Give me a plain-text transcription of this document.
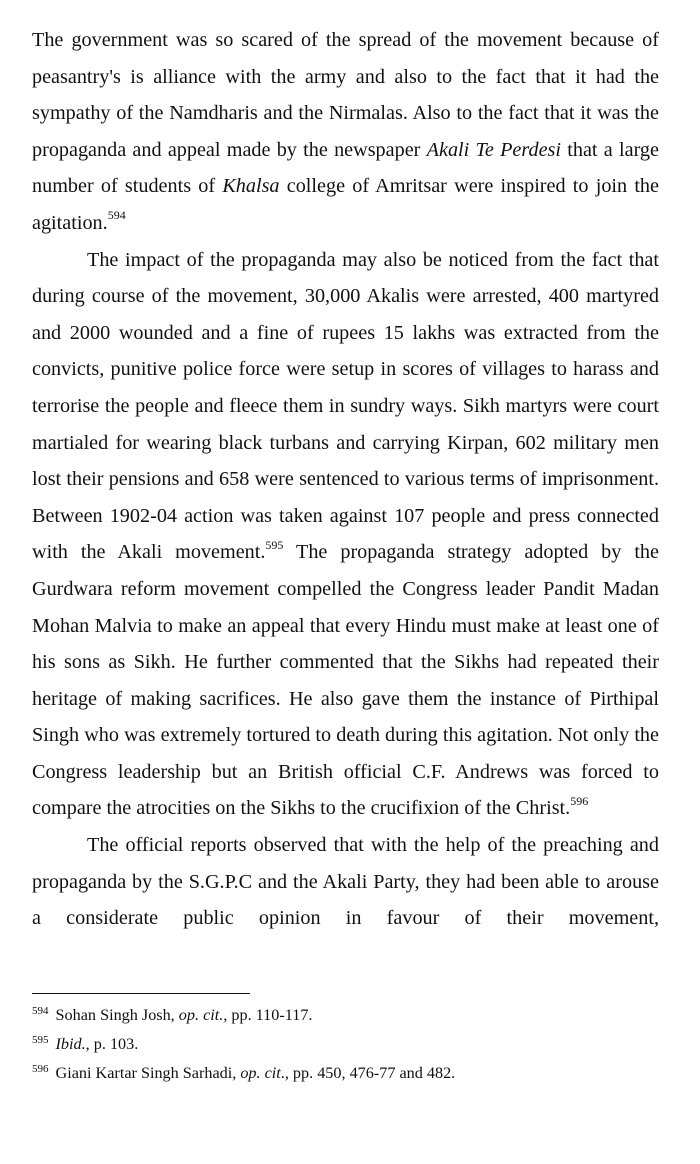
The government was so scared of the spread of the movement because of peasantry's is alliance with the army and also to the fact that it had the sympathy of the Namdharis and the Nirmalas. Also to the fact that it was the propaganda and appeal made by the newspaper Akali Te Perdesi that a large number of students of Khalsa college of Amritsar were inspired to join the agitation.$^{594}$

The impact of the propaganda may also be noticed from the fact that during course of the movement, 30,000 Akalis were arrested, 400 martyred and 2000 wounded and a fine of rupees 15 lakhs was extracted from the convicts, punitive police force were setup in scores of villages to harass and terrorise the people and fleece them in sundry ways. Sikh martyrs were court martialed for wearing black turbans and carrying Kirpan, 602 military men lost their pensions and 658 were sentenced to various terms of imprisonment. Between 1902-04 action was taken against 107 people and press connected with the Akali movement.$^{595}$ The propaganda strategy adopted by the Gurdwara reform movement compelled the Congress leader Pandit Madan Mohan Malvia to make an appeal that every Hindu must make at least one of his sons as Sikh. He further commented that the Sikhs had repeated their heritage of making sacrifices. He also gave them the instance of Pirthipal Singh who was extremely tortured to death during this agitation. Not only the Congress leadership but an British official C.F. Andrews was forced to compare the atrocities on the Sikhs to the crucifixion of the Christ.$^{596}$

The official reports observed that with the help of the preaching and propaganda by the S.G.P.C and the Akali Party, they had been able to arouse a considerate public opinion in favour of their movement,

$^{594}$ Sohan Singh Josh, op. cit., pp. 110-117.

$^{595}$ Ibid., p. 103.

$^{596}$ Giani Kartar Singh Sarhadi, op. cit., pp. 450, 476-77 and 482.
